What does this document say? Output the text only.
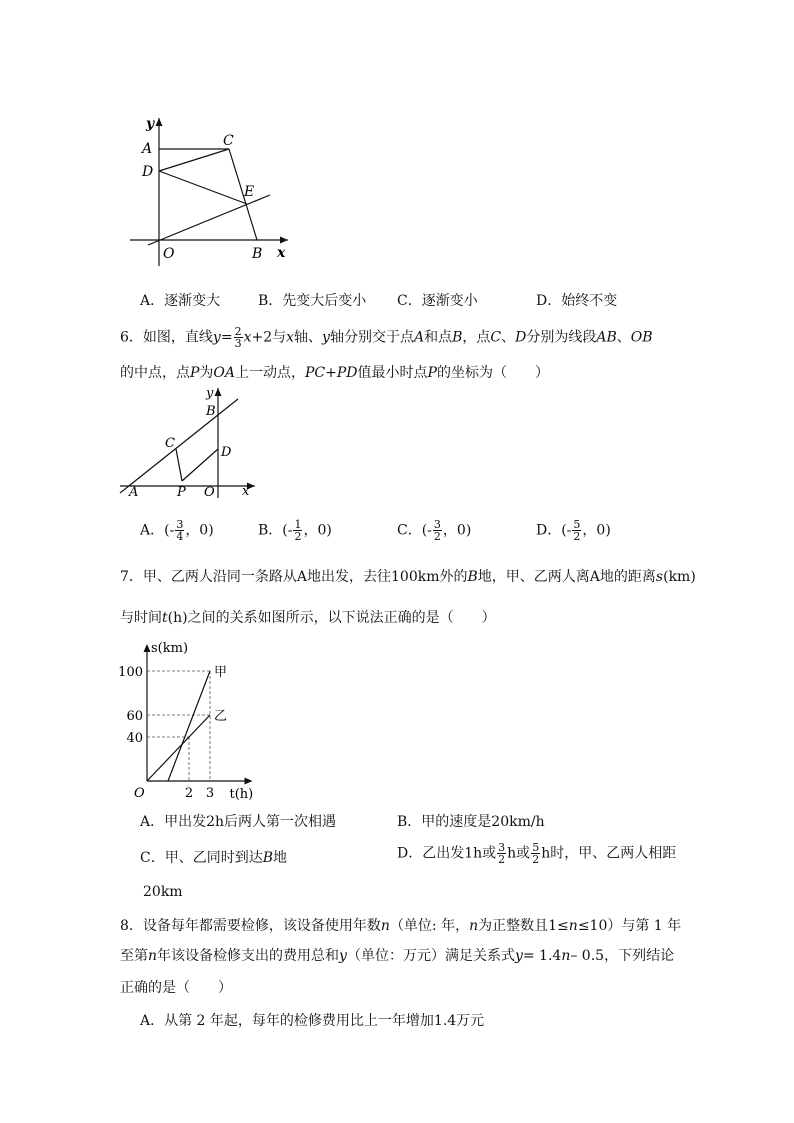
y
A	C
D
E
O	B x
A．逐渐变大	B．先变大后变小 C．逐渐变小	D．始终不变
6．如图，直线$y= \frac{2}{3} x+2$与x轴、y轴分别交于点A和点B，点C、D分别为线段AB、OB
的中点，点P为OA上一动点，PC+PD值最小时点P的坐标为（　　）
y
B
C
D
A	P O x
A．(- $\frac{3}{4}$ ，0)	B．(- $\frac{1}{2}$ ，0)	C．(- $\frac{3}{2}$ ，0)	D．(- $\frac{5}{2}$ ，0)
7．甲、乙两人沿同一条路从A地出发，去往100km外的B地，甲、乙两人离A地的距离s(km)
与时间t(h)之间的关系如图所示，以下说法正确的是（　　）
甲
乙
100
60
40
2 3
s(km)
t(h)
O
A．甲出发2h后两人第一次相遇	B．甲的速度是20km/h
C．甲、乙同时到达B地	D．乙出发1h或 $\frac{3}{2}$ h或 $\frac{5}{2}$ h时，甲、乙两人相距
20km
8．设备每年都需要检修，该设备使用年数n（单位: 年，n为正整数且1≤n≤10）与第 1 年
至第n年该设备检修支出的费用总和y（单位：万元）满足关系式y= 1.4n– 0.5，下列结论
正确的是（　　）
A．从第 2 年起，每年的检修费用比上一年增加1.4万元
